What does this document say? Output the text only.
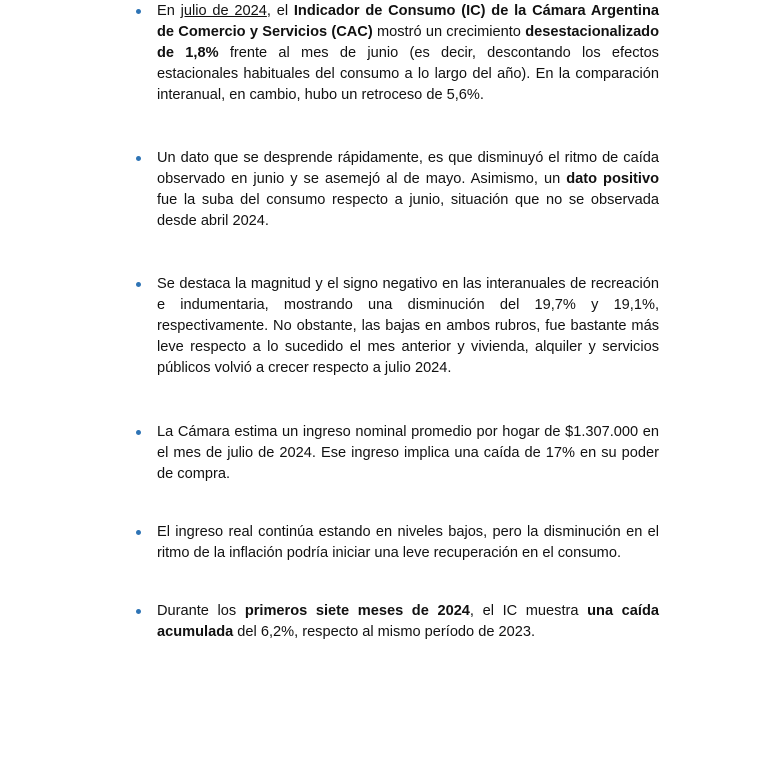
En julio de 2024, el Indicador de Consumo (IC) de la Cámara Argentina de Comercio y Servicios (CAC) mostró un crecimiento desestacionalizado de 1,8% frente al mes de junio (es decir, descontando los efectos estacionales habituales del consumo a lo largo del año). En la comparación interanual, en cambio, hubo un retroceso de 5,6%.
Un dato que se desprende rápidamente, es que disminuyó el ritmo de caída observado en junio y se asemejó al de mayo. Asimismo, un dato positivo fue la suba del consumo respecto a junio, situación que no se observada desde abril 2024.
Se destaca la magnitud y el signo negativo en las interanuales de recreación e indumentaria, mostrando una disminución del 19,7% y 19,1%, respectivamente. No obstante, las bajas en ambos rubros, fue bastante más leve respecto a lo sucedido el mes anterior y vivienda, alquiler y servicios públicos volvió a crecer respecto a julio 2024.
La Cámara estima un ingreso nominal promedio por hogar de $1.307.000 en el mes de julio de 2024. Ese ingreso implica una caída de 17% en su poder de compra.
El ingreso real continúa estando en niveles bajos, pero la disminución en el ritmo de la inflación podría iniciar una leve recuperación en el consumo.
Durante los primeros siete meses de 2024, el IC muestra una caída acumulada del 6,2%, respecto al mismo período de 2023.
